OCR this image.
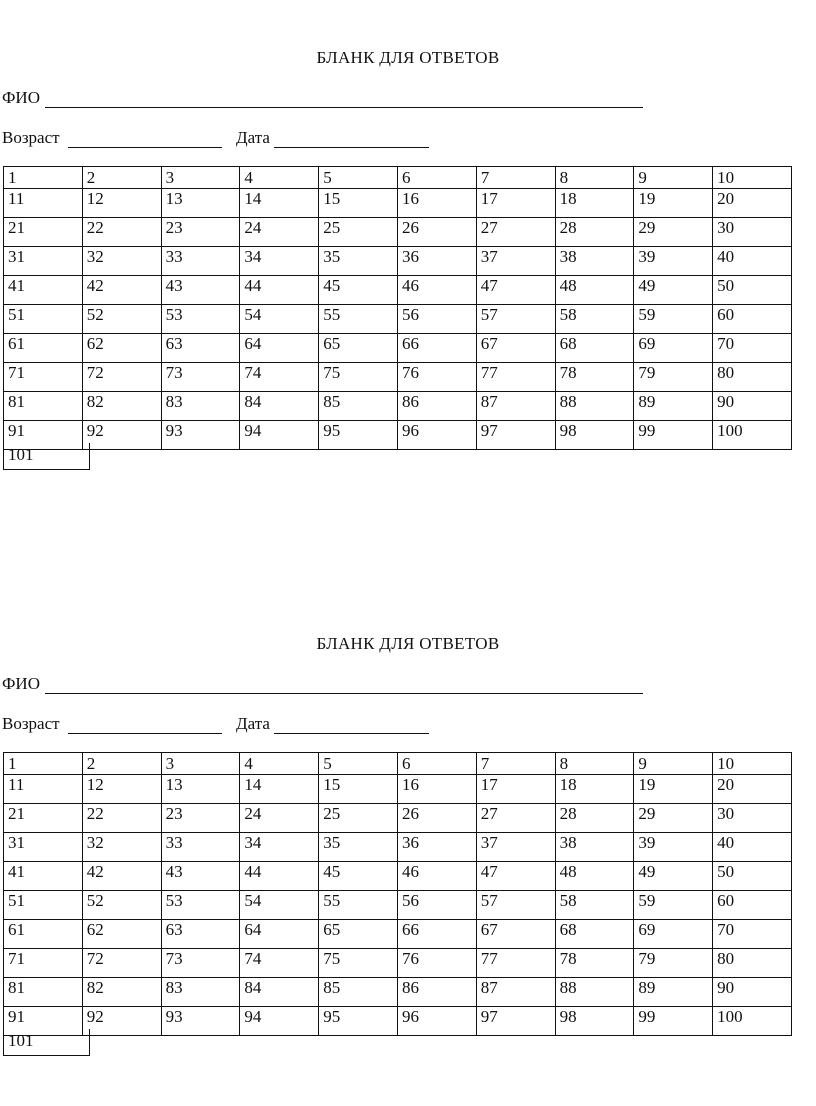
БЛАНК ДЛЯ ОТВЕТОВ
ФИО
Возраст	Дата
1	2	3	4	5	6	7	8	9	10
11	12	13	14	15	16	17	18	19	20
21	22	23	24	25	26	27	28	29	30
31	32	33	34	35	36	37	38	39	40
41	42	43	44	45	46	47	48	49	50
51	52	53	54	55	56	57	58	59	60
61	62	63	64	65	66	67	68	69	70
71	72	73	74	75	76	77	78	79	80
81	82	83	84	85	86	87	88	89	90
91	92	93	94	95	96	97	98	99	100
101
БЛАНК ДЛЯ ОТВЕТОВ
ФИО
Возраст	Дата
1	2	3	4	5	6	7	8	9	10
11	12	13	14	15	16	17	18	19	20
21	22	23	24	25	26	27	28	29	30
31	32	33	34	35	36	37	38	39	40
41	42	43	44	45	46	47	48	49	50
51	52	53	54	55	56	57	58	59	60
61	62	63	64	65	66	67	68	69	70
71	72	73	74	75	76	77	78	79	80
81	82	83	84	85	86	87	88	89	90
91	92	93	94	95	96	97	98	99	100
101
